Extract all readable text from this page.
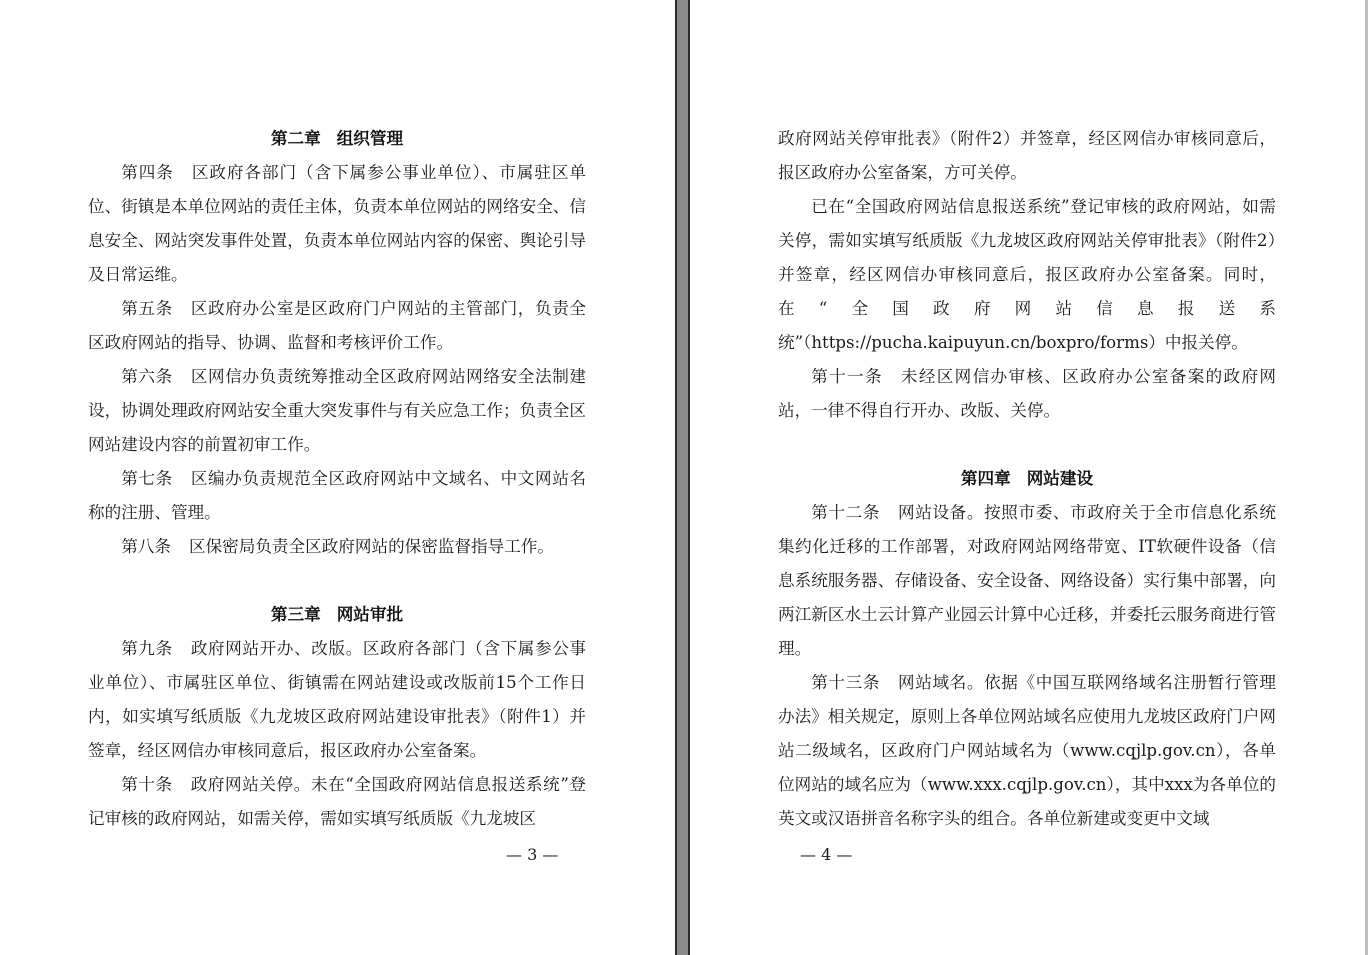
第二章 组织管理

第四条 区政府各部门（含下属参公事业单位）、市属驻区单位、街镇是本单位网站的责任主体，负责本单位网站的网络安全、信息安全、网站突发事件处置，负责本单位网站内容的保密、舆论引导及日常运维。

第五条 区政府办公室是区政府门户网站的主管部门，负责全区政府网站的指导、协调、监督和考核评价工作。

第六条 区网信办负责统筹推动全区政府网站网络安全法制建设，协调处理政府网站安全重大突发事件与有关应急工作；负责全区网站建设内容的前置初审工作。

第七条 区编办负责规范全区政府网站中文域名、中文网站名称的注册、管理。

第八条 区保密局负责全区政府网站的保密监督指导工作。

第三章 网站审批

第九条 政府网站开办、改版。区政府各部门（含下属参公事业单位）、市属驻区单位、街镇需在网站建设或改版前15个工作日内，如实填写纸质版《九龙坡区政府网站建设审批表》（附件1）并签章，经区网信办审核同意后，报区政府办公室备案。

第十条 政府网站关停。未在“全国政府网站信息报送系统”登记审核的政府网站，如需关停，需如实填写纸质版《九龙坡区

— 3 —

政府网站关停审批表》（附件2）并签章，经区网信办审核同意后，报区政府办公室备案，方可关停。

已在“全国政府网站信息报送系统”登记审核的政府网站，如需关停，需如实填写纸质版《九龙坡区政府网站关停审批表》（附件2）并签章，经区网信办审核同意后，报区政府办公室备案。同时，在“全国政府网站信息报送系统”（https://pucha.kaipuyun.cn/boxpro/forms）中报关停。

第十一条 未经区网信办审核、区政府办公室备案的政府网站，一律不得自行开办、改版、关停。

第四章 网站建设

第十二条 网站设备。按照市委、市政府关于全市信息化系统集约化迁移的工作部署，对政府网站网络带宽、IT软硬件设备（信息系统服务器、存储设备、安全设备、网络设备）实行集中部署，向两江新区水土云计算产业园云计算中心迁移，并委托云服务商进行管理。

第十三条 网站域名。依据《中国互联网络域名注册暂行管理办法》相关规定，原则上各单位网站域名应使用九龙坡区政府门户网站二级域名，区政府门户网站域名为（www.cqjlp.gov.cn），各单位网站的域名应为（www.xxx.cqjlp.gov.cn），其中xxx为各单位的英文或汉语拼音名称字头的组合。各单位新建或变更中文域

— 4 —
